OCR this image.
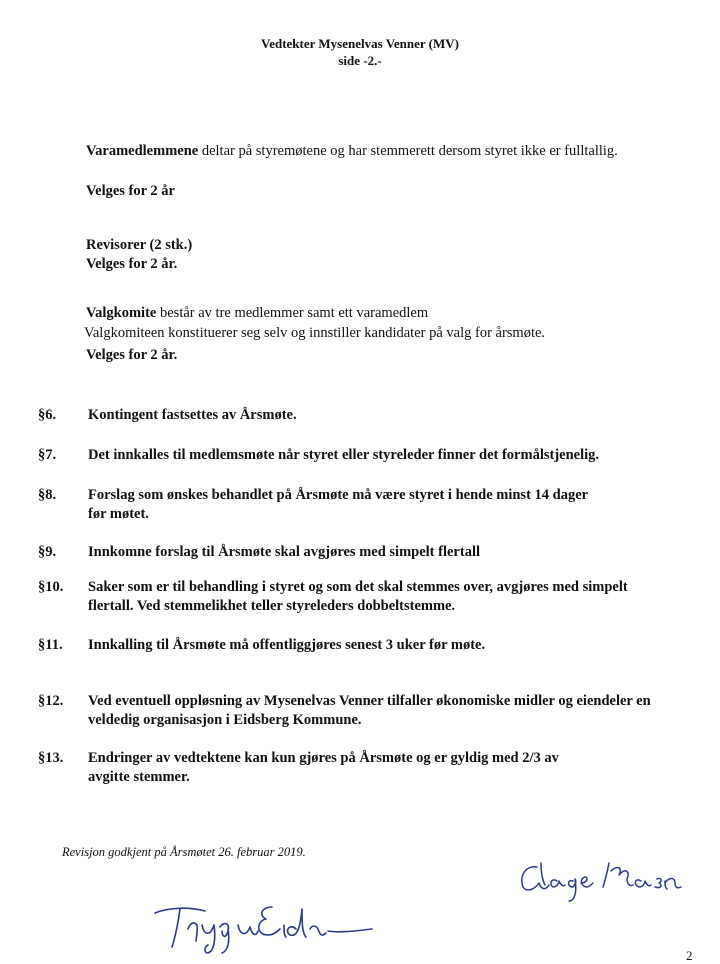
Vedtekter Mysenelvas Venner (MV)
side -2.-
Varamedlemmene deltar på styremøtene og har stemmerett dersom styret ikke er fulltallig.
Velges for 2 år
Revisorer (2 stk.)
Velges for 2 år.
Valgkomite består av tre medlemmer samt ett varamedlem
Valgkomiteen konstituerer seg selv og innstiller kandidater på valg for årsmøte.
Velges for 2 år.
§6. Kontingent fastsettes av Årsmøte.
§7. Det innkalles til medlemsmøte når styret eller styreleder finner det formålstjenelig.
§8. Forslag som ønskes behandlet på Årsmøte må være styret i hende minst 14 dager før møtet.
§9. Innkomne forslag til Årsmøte skal avgjøres med simpelt flertall
§10. Saker som er til behandling i styret og som det skal stemmes over, avgjøres med simpelt flertall. Ved stemmelikhet teller styreleders dobbeltstemme.
§11. Innkalling til Årsmøte må offentliggjøres senest 3 uker før møte.
§12. Ved eventuell oppløsning av Mysenelvas Venner tilfaller økonomiske midler og eiendeler en veldedig organisasjon i Eidsberg Kommune.
§13. Endringer av vedtektene kan kun gjøres på Årsmøte og er gyldig med 2/3 av avgitte stemmer.
Revisjon godkjent på Årsmøtet 26. februar 2019.
2
